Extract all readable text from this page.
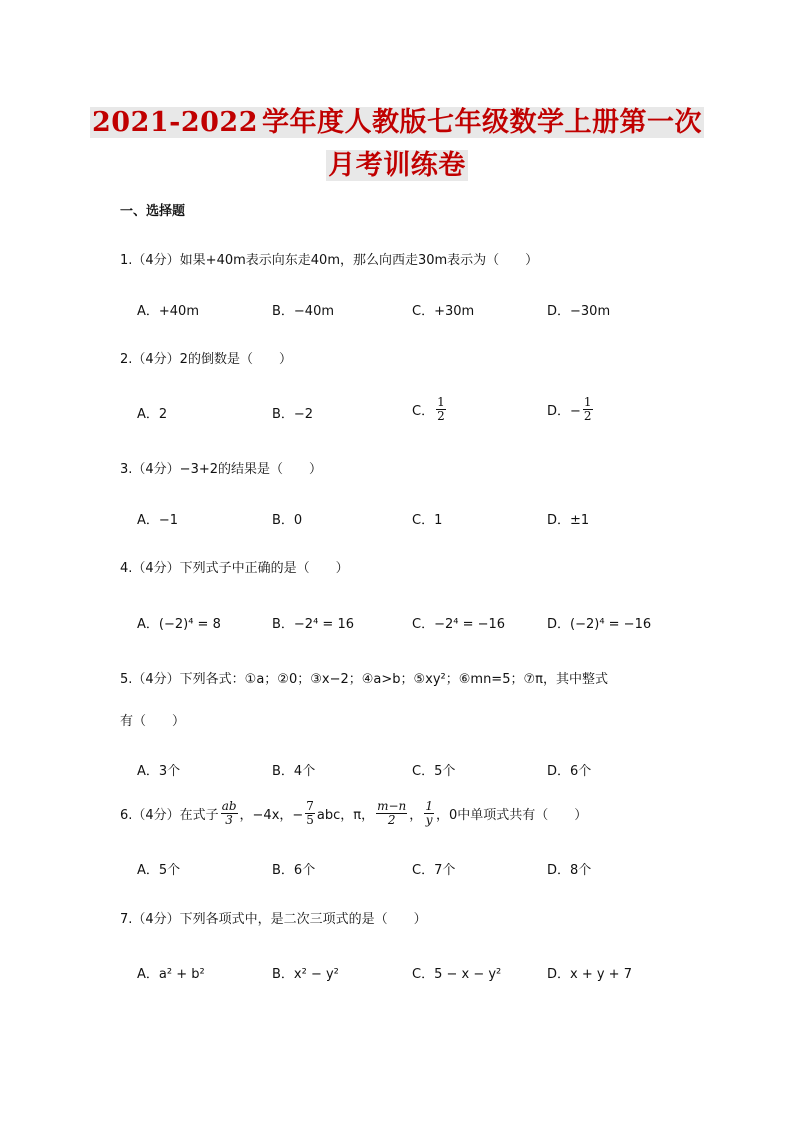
2021-2022 学年度人教版七年级数学上册第一次
月考训练卷
一、选择题
1.（4分）如果+40m表示向东走40m，那么向西走30m表示为（　　）
A．+40m	B．−40m	C．+30m	D．−30m
2.（4分）2的倒数是（　　）
A．2	B．−2	C． $\frac{1}{2}$	D．− $\frac{1}{2}$
3.（4分）−3+2的结果是（　　）
A．−1	B．0	C．1	D．±1
4.（4分）下列式子中正确的是（　　）
A．(−2)⁴ = 8	B．−2⁴ = 16	C．−2⁴ = −16	D．(−2)⁴ = −16
5.（4分）下列各式：①a；②0；③x−2；④a>b；⑤xy²；⑥mn=5；⑦π，其中整式
有（　　）
A．3个	B．4个	C．5个	D．6个
6.（4分）在式子 $\frac{ab}{3}$ ，−4x，− $\frac{7}{5}$ abc，π， $\frac{m-n}{2}$ ， $\frac{1}{y}$ ，0中单项式共有（　　）
A．5个	B．6个	C．7个	D．8个
7.（4分）下列各项式中，是二次三项式的是（　　）
A．a² + b²	B．x² − y²	C．5 − x − y²	D．x + y + 7
